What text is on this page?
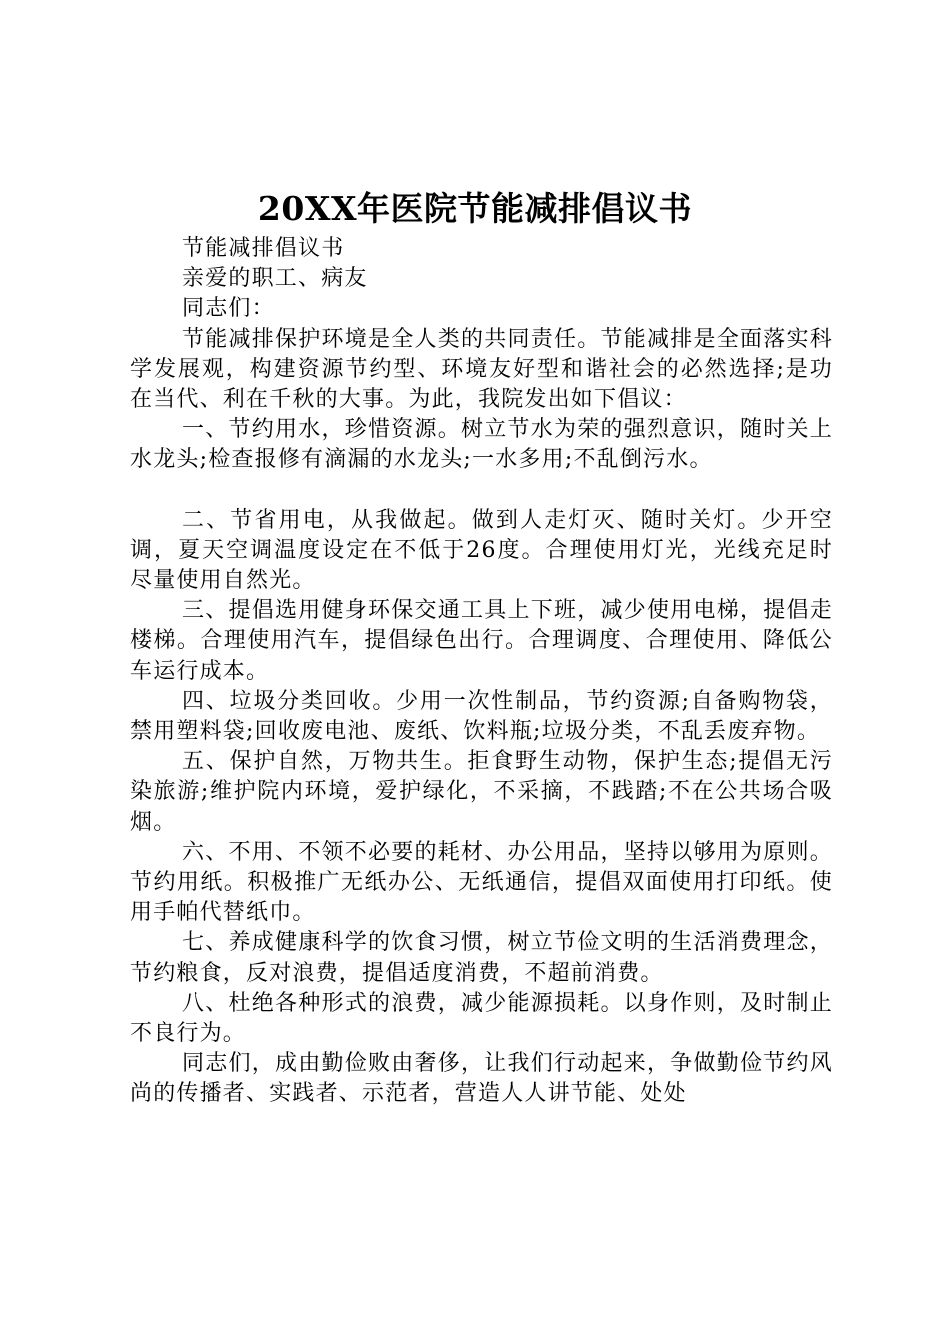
20XX年医院节能减排倡议书

节能减排倡议书

亲爱的职工、病友

同志们：

节能减排保护环境是全人类的共同责任。节能减排是全面落实科学发展观，构建资源节约型、环境友好型和谐社会的必然选择;是功在当代、利在千秋的大事。为此，我院发出如下倡议：

一、节约用水，珍惜资源。树立节水为荣的强烈意识，随时关上水龙头;检查报修有滴漏的水龙头;一水多用;不乱倒污水。

二、节省用电，从我做起。做到人走灯灭、随时关灯。少开空调，夏天空调温度设定在不低于26度。合理使用灯光，光线充足时尽量使用自然光。

三、提倡选用健身环保交通工具上下班，减少使用电梯，提倡走楼梯。合理使用汽车，提倡绿色出行。合理调度、合理使用、降低公车运行成本。

四、垃圾分类回收。少用一次性制品，节约资源;自备购物袋，禁用塑料袋;回收废电池、废纸、饮料瓶;垃圾分类，不乱丢废弃物。

五、保护自然，万物共生。拒食野生动物，保护生态;提倡无污染旅游;维护院内环境，爱护绿化，不采摘，不践踏;不在公共场合吸烟。

六、不用、不领不必要的耗材、办公用品，坚持以够用为原则。节约用纸。积极推广无纸办公、无纸通信，提倡双面使用打印纸。使用手帕代替纸巾。

七、养成健康科学的饮食习惯，树立节俭文明的生活消费理念，节约粮食，反对浪费，提倡适度消费，不超前消费。

八、杜绝各种形式的浪费，减少能源损耗。以身作则，及时制止不良行为。

同志们，成由勤俭败由奢侈，让我们行动起来，争做勤俭节约风尚的传播者、实践者、示范者，营造人人讲节能、处处
